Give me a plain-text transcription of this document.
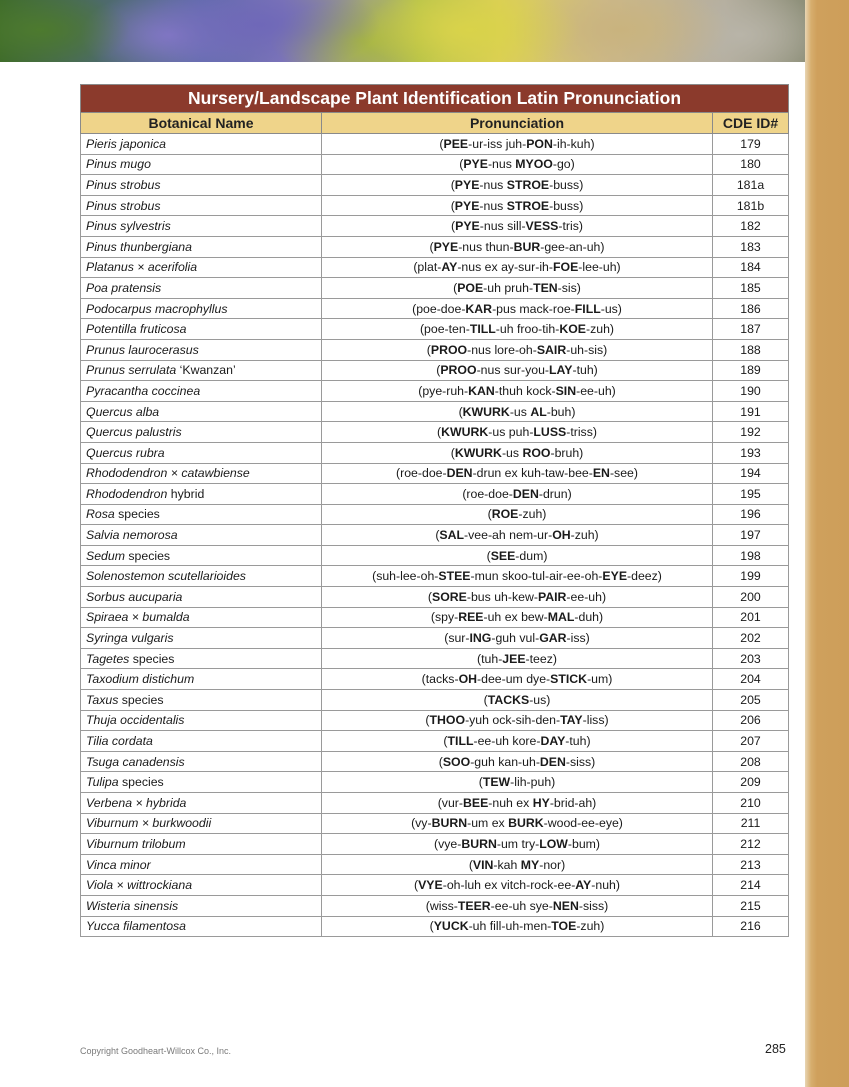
Nursery/Landscape Plant Identification Latin Pronunciation		
Botanical Name	Pronunciation	CDE ID#
Pieris japonica	(PEE-ur-iss juh-PON-ih-kuh)	179
Pinus mugo	(PYE-nus MYOO-go)	180
Pinus strobus	(PYE-nus STROE-buss)	181a
Pinus strobus	(PYE-nus STROE-buss)	181b
Pinus sylvestris	(PYE-nus sill-VESS-tris)	182
Pinus thunbergiana	(PYE-nus thun-BUR-gee-an-uh)	183
Platanus × acerifolia	(plat-AY-nus ex ay-sur-ih-FOE-lee-uh)	184
Poa pratensis	(POE-uh pruh-TEN-sis)	185
Podocarpus macrophyllus	(poe-doe-KAR-pus mack-roe-FILL-us)	186
Potentilla fruticosa	(poe-ten-TILL-uh froo-tih-KOE-zuh)	187
Prunus laurocerasus	(PROO-nus lore-oh-SAIR-uh-sis)	188
Prunus serrulata ‘Kwanzan’	(PROO-nus sur-you-LAY-tuh)	189
Pyracantha coccinea	(pye-ruh-KAN-thuh kock-SIN-ee-uh)	190
Quercus alba	(KWURK-us AL-buh)	191
Quercus palustris	(KWURK-us puh-LUSS-triss)	192
Quercus rubra	(KWURK-us ROO-bruh)	193
Rhododendron × catawbiense	(roe-doe-DEN-drun ex kuh-taw-bee-EN-see)	194
Rhododendron hybrid	(roe-doe-DEN-drun)	195
Rosa species	(ROE-zuh)	196
Salvia nemorosa	(SAL-vee-ah nem-ur-OH-zuh)	197
Sedum species	(SEE-dum)	198
Solenostemon scutellarioides	(suh-lee-oh-STEE-mun skoo-tul-air-ee-oh-EYE-deez)	199
Sorbus aucuparia	(SORE-bus uh-kew-PAIR-ee-uh)	200
Spiraea × bumalda	(spy-REE-uh ex bew-MAL-duh)	201
Syringa vulgaris	(sur-ING-guh vul-GAR-iss)	202
Tagetes species	(tuh-JEE-teez)	203
Taxodium distichum	(tacks-OH-dee-um dye-STICK-um)	204
Taxus species	(TACKS-us)	205
Thuja occidentalis	(THOO-yuh ock-sih-den-TAY-liss)	206
Tilia cordata	(TILL-ee-uh kore-DAY-tuh)	207
Tsuga canadensis	(SOO-guh kan-uh-DEN-siss)	208
Tulipa species	(TEW-lih-puh)	209
Verbena × hybrida	(vur-BEE-nuh ex HY-brid-ah)	210
Viburnum × burkwoodii	(vy-BURN-um ex BURK-wood-ee-eye)	211
Viburnum trilobum	(vye-BURN-um try-LOW-bum)	212
Vinca minor	(VIN-kah MY-nor)	213
Viola × wittrockiana	(VYE-oh-luh ex vitch-rock-ee-AY-nuh)	214
Wisteria sinensis	(wiss-TEER-ee-uh sye-NEN-siss)	215
Yucca filamentosa	(YUCK-uh fill-uh-men-TOE-zuh)	216
Copyright Goodheart-Willcox Co., Inc.	285
